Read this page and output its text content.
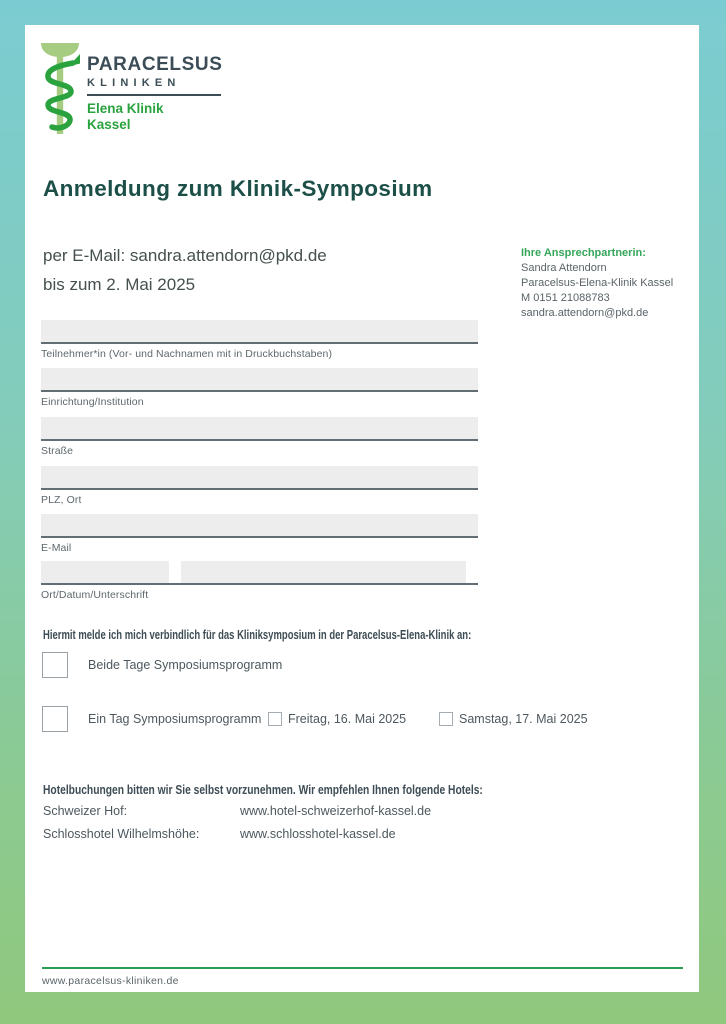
PARACELSUS
KLINIKEN
Elena Klinik
Kassel
Anmeldung zum Klinik-Symposium
per E-Mail: sandra.attendorn@pkd.de
bis zum 2. Mai 2025
Ihre Ansprechpartnerin:
Sandra Attendorn
Paracelsus-Elena-Klinik Kassel
M 0151 21088783
sandra.attendorn@pkd.de
Teilnehmer*in (Vor- und Nachnamen mit in Druckbuchstaben)
Einrichtung/Institution
Straße
PLZ, Ort
E-Mail
Ort/Datum/Unterschrift
Hiermit melde ich mich verbindlich für das Kliniksymposium in der Paracelsus-Elena-Klinik an:
Beide Tage Symposiumsprogramm
Ein Tag Symposiumsprogramm Freitag, 16. Mai 2025	Samstag, 17. Mai 2025
Hotelbuchungen bitten wir Sie selbst vorzunehmen. Wir empfehlen Ihnen folgende Hotels:
Schweizer Hof:	www.hotel-schweizerhof-kassel.de
Schlosshotel Wilhelmshöhe:	www.schlosshotel-kassel.de
www.paracelsus-kliniken.de
